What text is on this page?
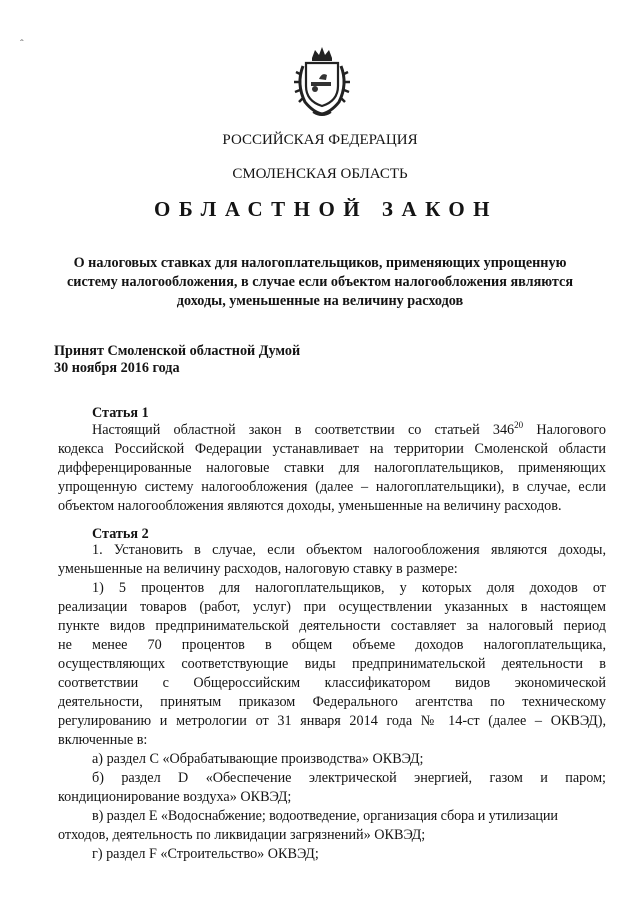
ˆ
РОССИЙСКАЯ ФЕДЕРАЦИЯ
СМОЛЕНСКАЯ ОБЛАСТЬ
ОБЛАСТНОЙ ЗАКОН
О налоговых ставках для налогоплательщиков, применяющих упрощенную
систему налогообложения, в случае если объектом налогообложения являются
доходы, уменьшенные на величину расходов
Принят Смоленской областной Думой
30 ноября 2016 года
Статья 1
Настоящий областной закон в соответствии со статьей $346^{20}$ Налогового
кодекса Российской Федерации устанавливает на территории Смоленской области
дифференцированные налоговые ставки для налогоплательщиков, применяющих
упрощенную систему налогообложения (далее – налогоплательщики), в случае, если
объектом налогообложения являются доходы, уменьшенные на величину расходов.
Статья 2
1. Установить в случае, если объектом налогообложения являются доходы,
уменьшенные на величину расходов, налоговую ставку в размере:
1) 5 процентов для налогоплательщиков, у которых доля доходов от
реализации товаров (работ, услуг) при осуществлении указанных в настоящем
пункте видов предпринимательской деятельности составляет за налоговый период
не менее 70 процентов в общем объеме доходов налогоплательщика,
осуществляющих соответствующие виды предпринимательской деятельности в
соответствии с Общероссийским классификатором видов экономической
деятельности, принятым приказом Федерального агентства по техническому
регулированию и метрологии от 31 января 2014 года № 14-ст (далее – ОКВЭД),
включенные в:
а) раздел C «Обрабатывающие производства» ОКВЭД;
б) раздел D «Обеспечение электрической энергией, газом и паром;
кондиционирование воздуха» ОКВЭД;
в) раздел E «Водоснабжение; водоотведение, организация сбора и утилизации
отходов, деятельность по ликвидации загрязнений» ОКВЭД;
г) раздел F «Строительство» ОКВЭД;
